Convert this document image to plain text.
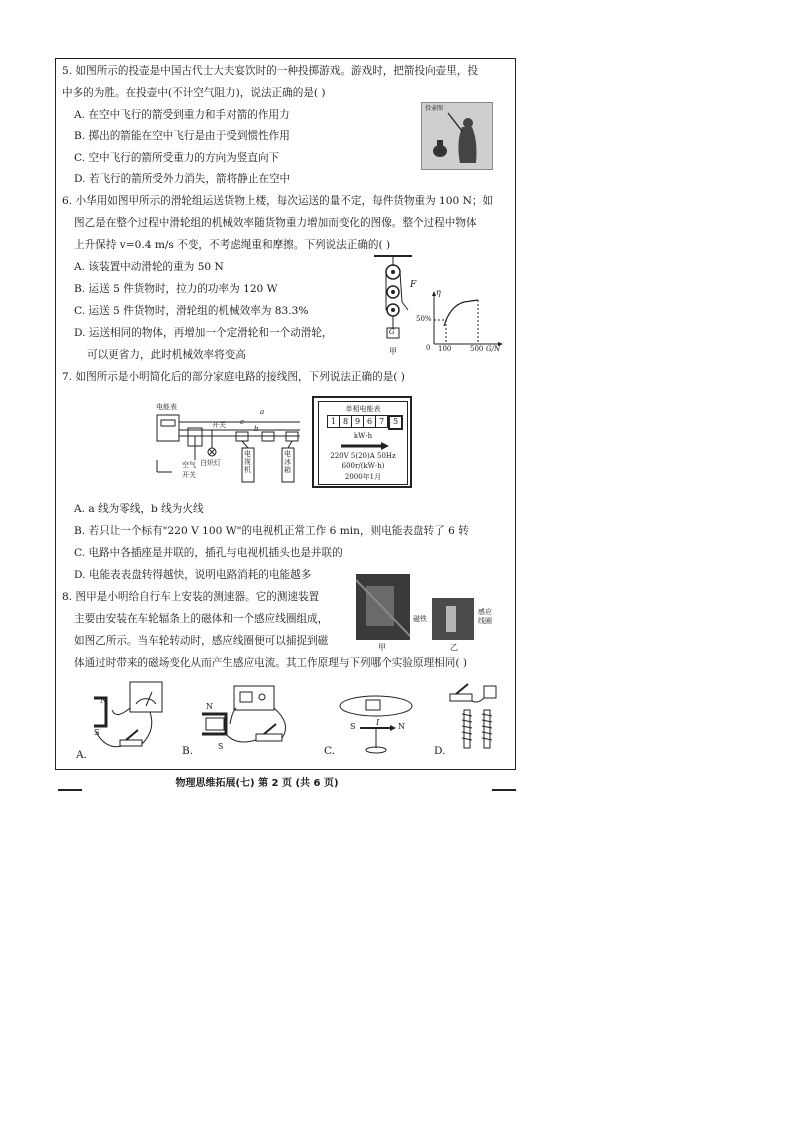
5. 如图所示的投壶是中国古代士大夫宴饮时的一种投掷游戏。游戏时，把箭投向壶里，投
中多的为胜。在投壶中(不计空气阻力)，说法正确的是( )
A. 在空中飞行的箭受到重力和手对箭的作用力
B. 掷出的箭能在空中飞行是由于受到惯性作用
C. 空中飞行的箭所受重力的方向为竖直向下
D. 若飞行的箭所受外力消失，箭将静止在空中
投壶图
6. 小华用如图甲所示的滑轮组运送货物上楼，每次运送的量不定，每件货物重为 100 N；如
图乙是在整个过程中滑轮组的机械效率随货物重力增加而变化的图像。整个过程中物体
上升保持 v=0.4 m/s 不变，不考虑绳重和摩擦。下列说法正确的( )
A. 该装置中动滑轮的重为 50 N
B. 运送 5 件货物时，拉力的功率为 120 W
C. 运送 5 件货物时，滑轮组的机械效率为 83.3%
D. 运送相同的物体，再增加一个定滑轮和一个动滑轮，
可以更省力，此时机械效率将变高
F
G
甲
η
50%
0 100	500 G/N
7. 如图所示是小明简化后的部分家庭电路的接线图，下列说法正确的是( )
电能表
开关
白炽灯
空气
开关
电视机
电冰箱
a
b
c
单相电能表
1 8 9 6 7	5
kW·h
220V 5(20)A 50Hz
600r/(kW·h)
2000年1月
A. a 线为零线，b 线为火线
B. 若只让一个标有"220 V 100 W"的电视机正常工作 6 min，则电能表盘转了 6 转
C. 电路中各插座是并联的，插孔与电视机插头也是并联的
D. 电能表表盘转得越快，说明电路消耗的电能越多
8. 图甲是小明给自行车上安装的测速器。它的测速装置
主要由安装在车轮辐条上的磁体和一个感应线圈组成，
如图乙所示。当车轮转动时，感应线圈便可以捕捉到磁
体通过时带来的磁场变化从而产生感应电流。其工作原理与下列哪个实验原理相同( )
甲
磁铁
感应
线圈
乙
N
S
A.
N
S
B.
I
S	N
C.	D.
物理思维拓展(七) 第 2 页 (共 6 页)
